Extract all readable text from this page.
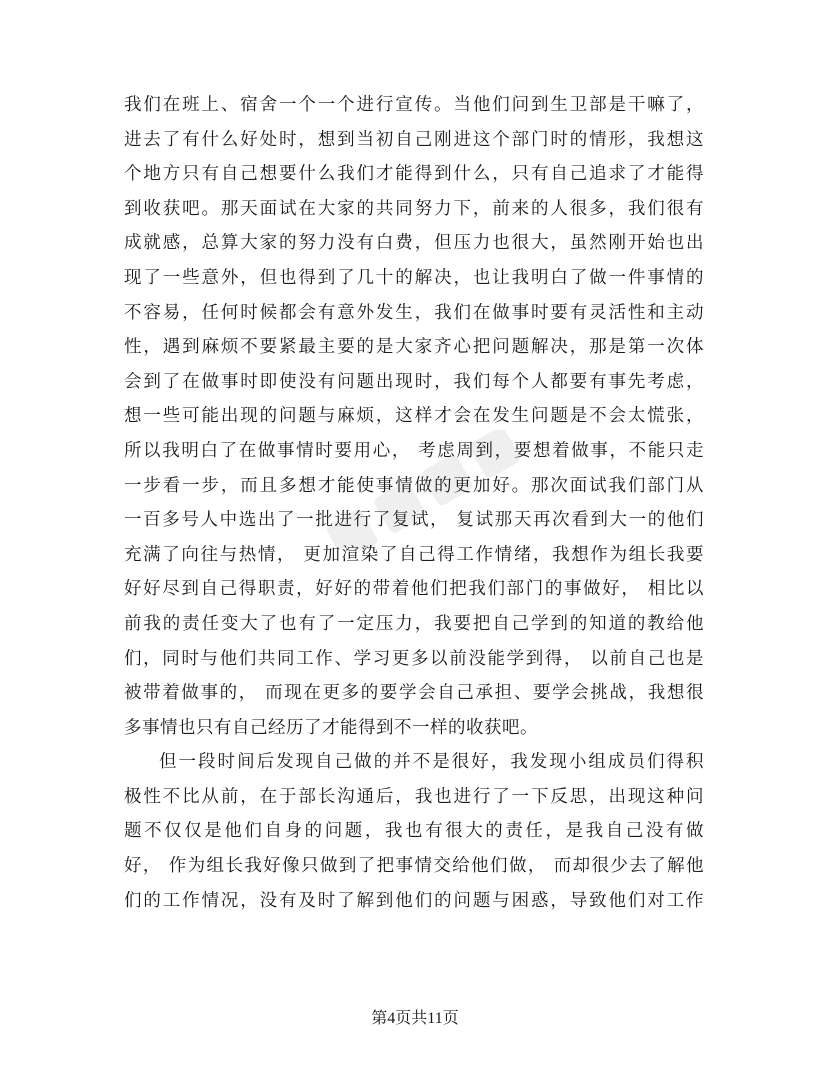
我们在班上、宿舍一个一个进行宣传。当他们问到生卫部是干嘛了，
进去了有什么好处时，想到当初自己刚进这个部门时的情形，我想这
个地方只有自己想要什么我们才能得到什么，只有自己追求了才能得
到收获吧。那天面试在大家的共同努力下，前来的人很多，我们很有
成就感，总算大家的努力没有白费，但压力也很大，虽然刚开始也出
现了一些意外，但也得到了几十的解决，也让我明白了做一件事情的
不容易，任何时候都会有意外发生，我们在做事时要有灵活性和主动
性，遇到麻烦不要紧最主要的是大家齐心把问题解决，那是第一次体
会到了在做事时即使没有问题出现时，我们每个人都要有事先考虑，
想一些可能出现的问题与麻烦，这样才会在发生问题是不会太慌张，
所以我明白了在做事情时要用心， 考虑周到，要想着做事，不能只走
一步看一步，而且多想才能使事情做的更加好。那次面试我们部门从
一百多号人中选出了一批进行了复试， 复试那天再次看到大一的他们
充满了向往与热情， 更加渲染了自己得工作情绪，我想作为组长我要
好好尽到自己得职责，好好的带着他们把我们部门的事做好， 相比以
前我的责任变大了也有了一定压力，我要把自己学到的知道的教给他
们，同时与他们共同工作、学习更多以前没能学到得， 以前自己也是
被带着做事的， 而现在更多的要学会自己承担、要学会挑战，我想很
多事情也只有自己经历了才能得到不一样的收获吧。
但一段时间后发现自己做的并不是很好，我发现小组成员们得积
极性不比从前，在于部长沟通后，我也进行了一下反思，出现这种问
题不仅仅是他们自身的问题，我也有很大的责任，是我自己没有做
好， 作为组长我好像只做到了把事情交给他们做， 而却很少去了解他
们的工作情况，没有及时了解到他们的问题与困惑，导致他们对工作
第4页共11页
